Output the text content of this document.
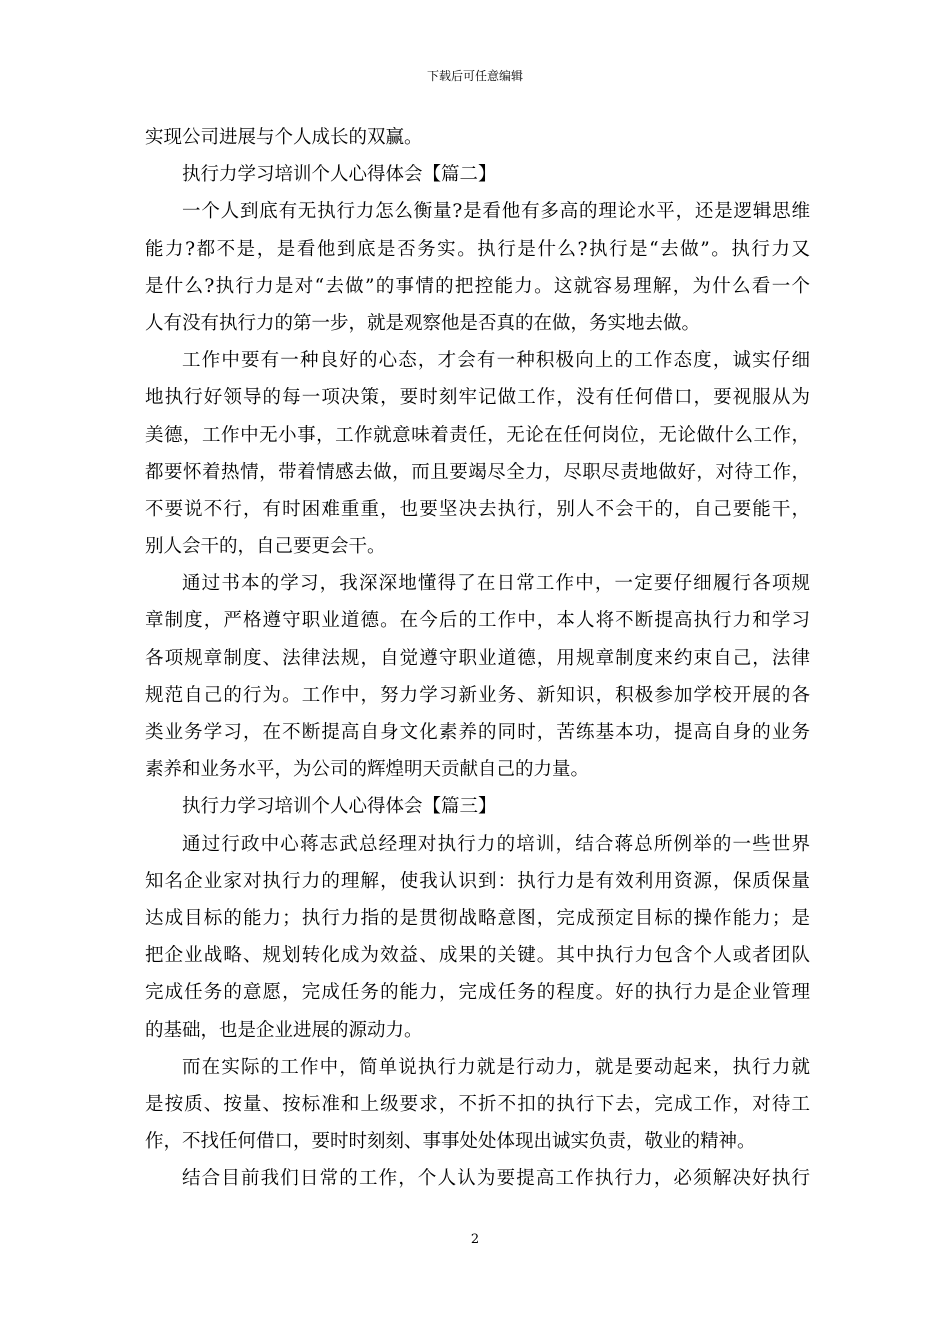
下载后可任意编辑
实现公司进展与个人成长的双赢。
执行力学习培训个人心得体会【篇二】
一个人到底有无执行力怎么衡量?是看他有多高的理论水平，还是逻辑思维
能力?都不是，是看他到底是否务实。执行是什么?执行是“去做”。执行力又
是什么?执行力是对“去做”的事情的把控能力。这就容易理解，为什么看一个
人有没有执行力的第一步，就是观察他是否真的在做，务实地去做。
工作中要有一种良好的心态，才会有一种积极向上的工作态度，诚实仔细
地执行好领导的每一项决策，要时刻牢记做工作，没有任何借口，要视服从为
美德，工作中无小事，工作就意味着责任，无论在任何岗位，无论做什么工作，
都要怀着热情，带着情感去做，而且要竭尽全力，尽职尽责地做好，对待工作，
不要说不行，有时困难重重，也要坚决去执行，别人不会干的，自己要能干，
别人会干的，自己要更会干。
通过书本的学习，我深深地懂得了在日常工作中，一定要仔细履行各项规
章制度，严格遵守职业道德。在今后的工作中，本人将不断提高执行力和学习
各项规章制度、法律法规，自觉遵守职业道德，用规章制度来约束自己，法律
规范自己的行为。工作中，努力学习新业务、新知识，积极参加学校开展的各
类业务学习，在不断提高自身文化素养的同时，苦练基本功，提高自身的业务
素养和业务水平，为公司的辉煌明天贡献自己的力量。
执行力学习培训个人心得体会【篇三】
通过行政中心蒋志武总经理对执行力的培训，结合蒋总所例举的一些世界
知名企业家对执行力的理解，使我认识到：执行力是有效利用资源，保质保量
达成目标的能力；执行力指的是贯彻战略意图，完成预定目标的操作能力；是
把企业战略、规划转化成为效益、成果的关键。其中执行力包含个人或者团队
完成任务的意愿，完成任务的能力，完成任务的程度。好的执行力是企业管理
的基础，也是企业进展的源动力。
而在实际的工作中，简单说执行力就是行动力，就是要动起来，执行力就
是按质、按量、按标准和上级要求，不折不扣的执行下去，完成工作，对待工
作，不找任何借口，要时时刻刻、事事处处体现出诚实负责，敬业的精神。
结合目前我们日常的工作，个人认为要提高工作执行力，必须解决好执行
2
